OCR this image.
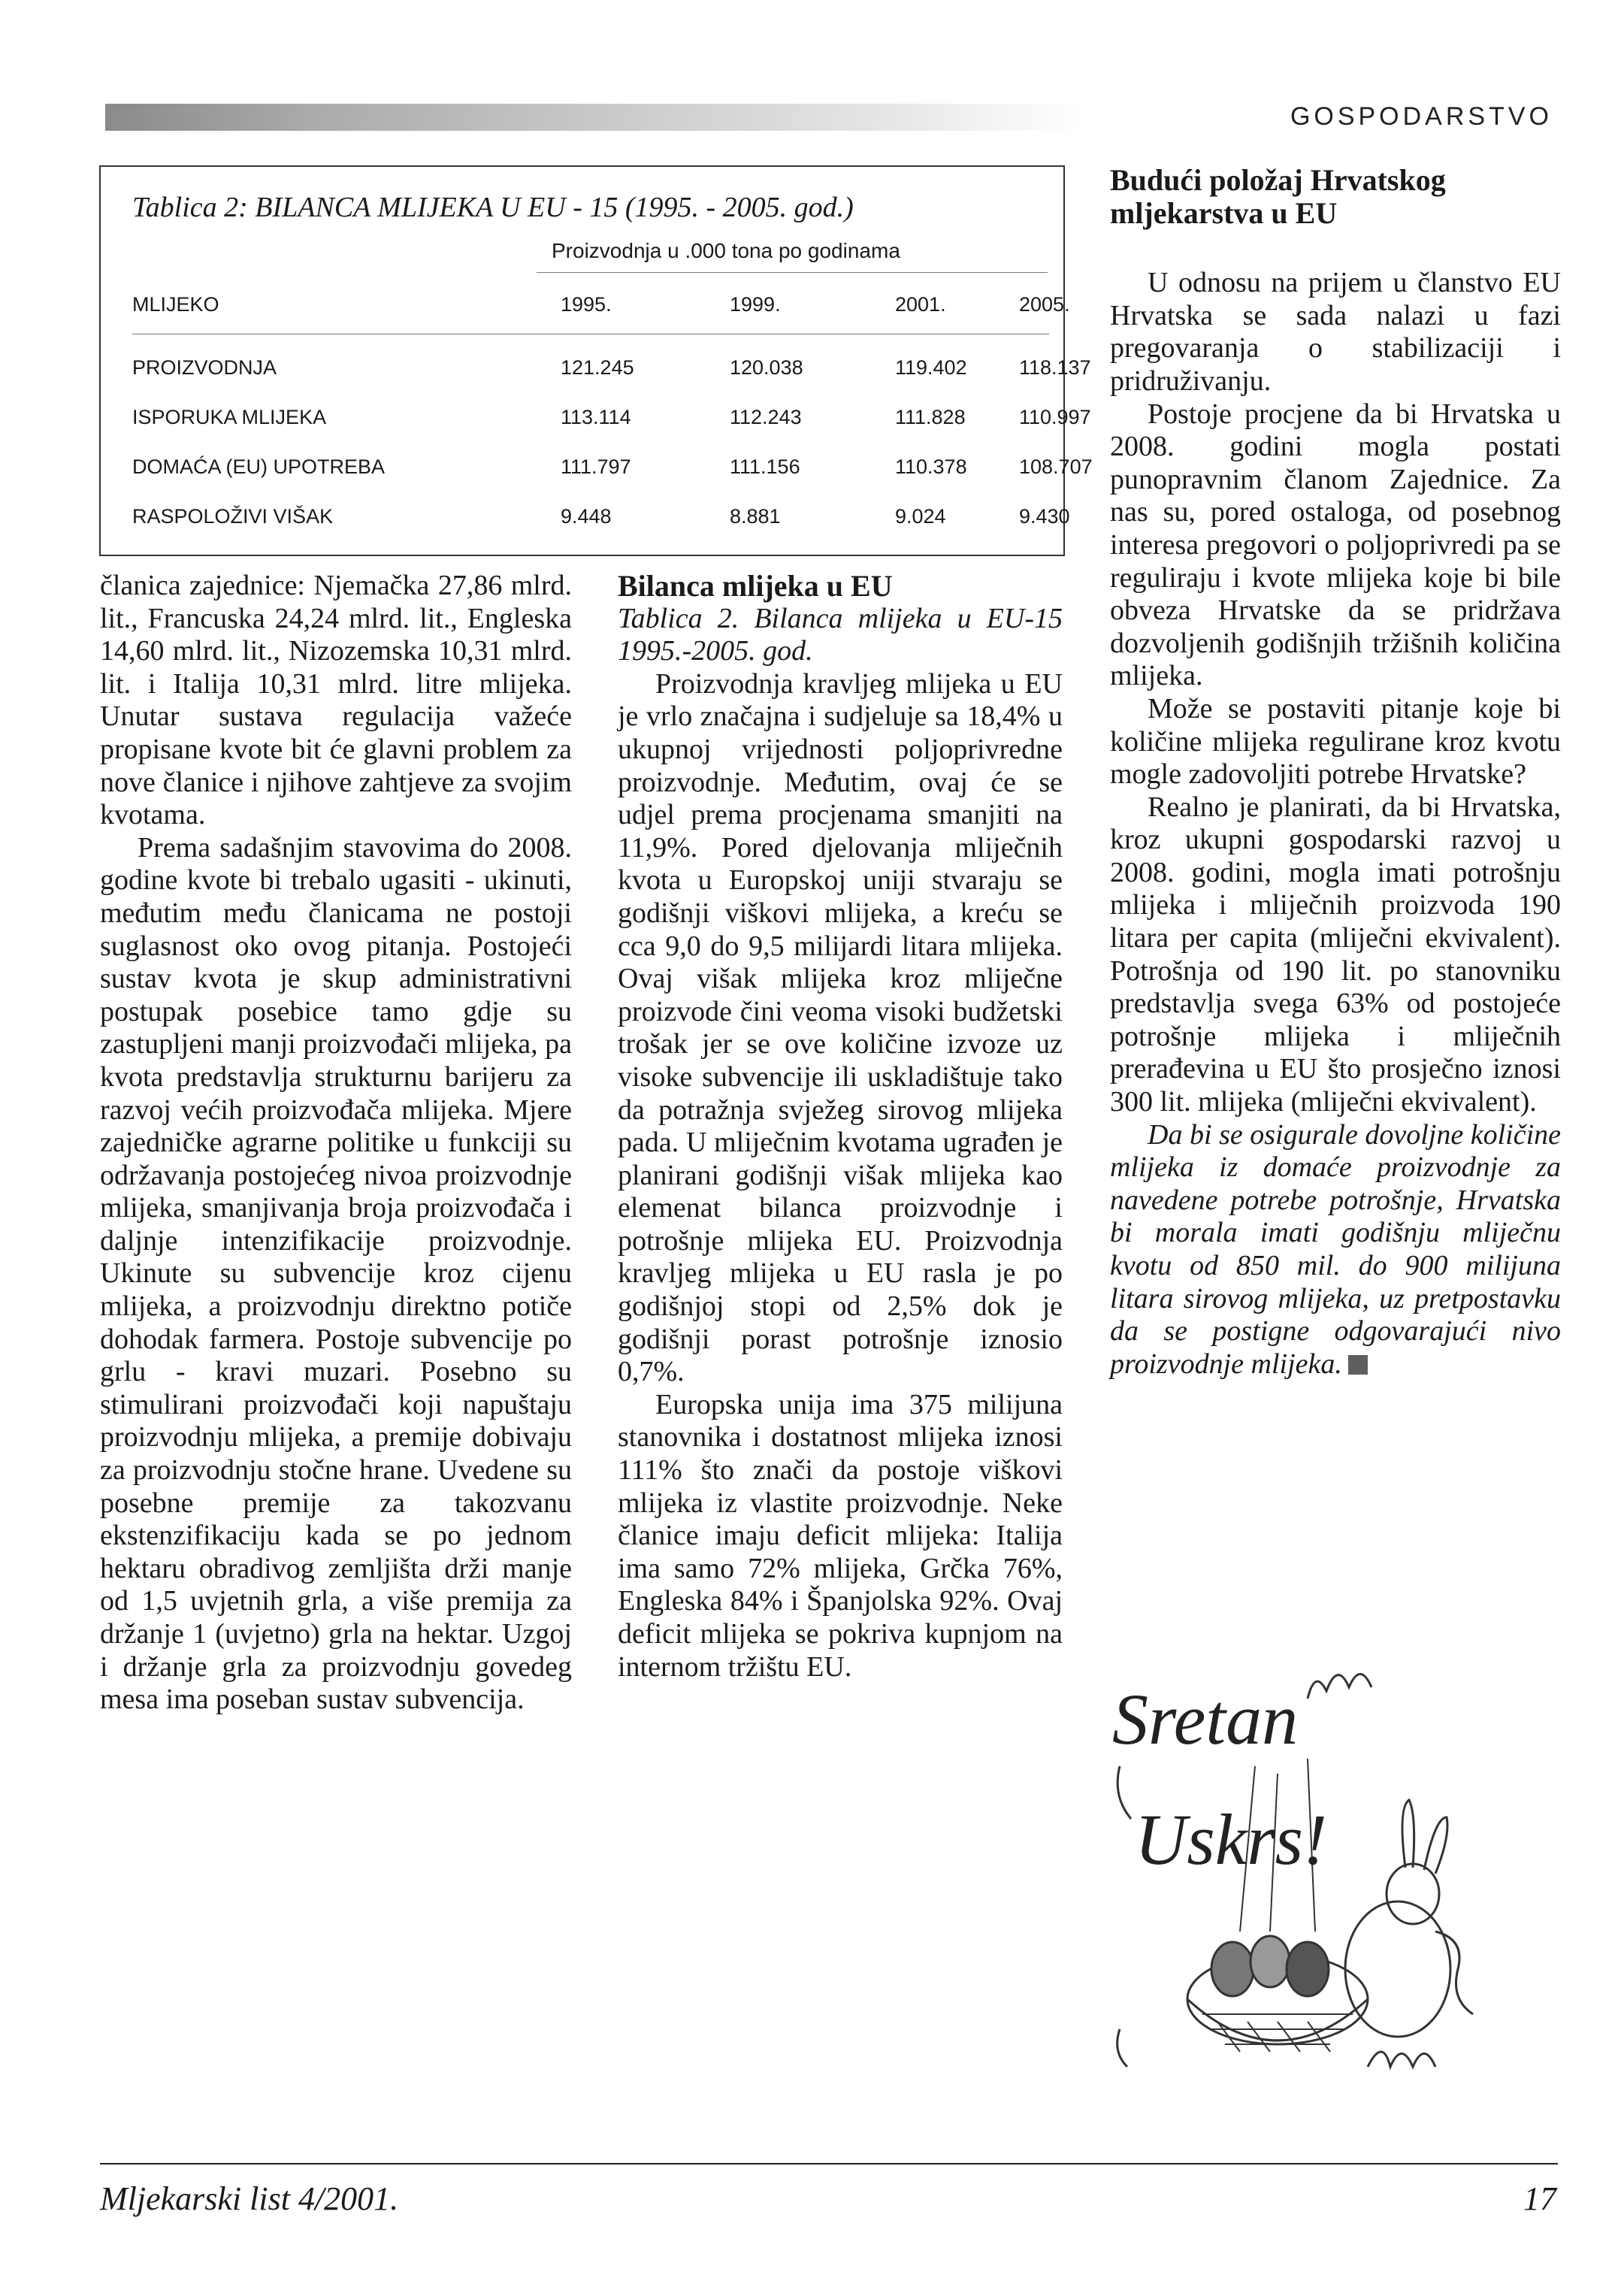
GOSPODARSTVO
Tablica 2: BILANCA MLIJEKA U EU - 15 (1995. - 2005. god.)
Proizvodnja u .000 tona po godinama
MLIJEKO	1995.	1999.	2001.	2005.
PROIZVODNJA	121.245	120.038	119.402	118.137
ISPORUKA MLIJEKA	113.114	112.243	111.828	110.997
DOMAĆA (EU) UPOTREBA	111.797	111.156	110.378	108.707
RASPOLOŽIVI VIŠAK	9.448	8.881	9.024	9.430

članica zajednice: Njemačka 27,86 mlrd. lit., Francuska 24,24 mlrd. lit., Engleska 14,60 mlrd. lit., Nizozemska 10,31 mlrd. lit. i Italija 10,31 mlrd. litre mlijeka. Unutar sustava regulacija važeće propisane kvote bit će glavni problem za nove članice i njihove zahtjeve za svojim kvotama.

Prema sadašnjim stavovima do 2008. godine kvote bi trebalo ugasiti - ukinuti, međutim među članicama ne postoji suglasnost oko ovog pitanja. Postojeći sustav kvota je skup administrativni postupak posebice tamo gdje su zastupljeni manji proizvođači mlijeka, pa kvota predstavlja strukturnu barijeru za razvoj većih proizvođača mlijeka. Mjere zajedničke agrarne politike u funkciji su održavanja postojećeg nivoa proizvodnje mlijeka, smanjivanja broja proizvođača i daljnje intenzifikacije proizvodnje. Ukinute su subvencije kroz cijenu mlijeka, a proizvodnju direktno potiče dohodak farmera. Postoje subvencije po grlu - kravi muzari. Posebno su stimulirani proizvođači koji napuštaju proizvodnju mlijeka, a premije dobivaju za proizvodnju stočne hrane. Uvedene su posebne premije za takozvanu ekstenzifikaciju kada se po jednom hektaru obradivog zemljišta drži manje od 1,5 uvjetnih grla, a više premija za držanje 1 (uvjetno) grla na hektar. Uzgoj i držanje grla za proizvodnju govedeg mesa ima poseban sustav subvencija.

Bilanca mlijeka u EU

Tablica 2. Bilanca mlijeka u EU-15 1995.-2005. god.

Proizvodnja kravljeg mlijeka u EU je vrlo značajna i sudjeluje sa 18,4% u ukupnoj vrijednosti poljoprivredne proizvodnje. Međutim, ovaj će se udjel prema procjenama smanjiti na 11,9%. Pored djelovanja mliječnih kvota u Europskoj uniji stvaraju se godišnji viškovi mlijeka, a kreću se cca 9,0 do 9,5 milijardi litara mlijeka. Ovaj višak mlijeka kroz mliječne proizvode čini veoma visoki budžetski trošak jer se ove količine izvoze uz visoke subvencije ili uskladištuje tako da potražnja svježeg sirovog mlijeka pada. U mliječnim kvotama ugrađen je planirani godišnji višak mlijeka kao elemenat bilanca proizvodnje i potrošnje mlijeka EU. Proizvodnja kravljeg mlijeka u EU rasla je po godišnjoj stopi od 2,5% dok je godišnji porast potrošnje iznosio 0,7%.

Europska unija ima 375 milijuna stanovnika i dostatnost mlijeka iznosi 111% što znači da postoje viškovi mlijeka iz vlastite proizvodnje. Neke članice imaju deficit mlijeka: Italija ima samo 72% mlijeka, Grčka 76%, Engleska 84% i Španjolska 92%. Ovaj deficit mlijeka se pokriva kupnjom na internom tržištu EU.

Budući položaj Hrvatskog mljekarstva u EU

U odnosu na prijem u članstvo EU Hrvatska se sada nalazi u fazi pregovaranja o stabilizaciji i pridruživanju.

Postoje procjene da bi Hrvatska u 2008. godini mogla postati punopravnim članom Zajednice. Za nas su, pored ostaloga, od posebnog interesa pregovori o poljoprivredi pa se reguliraju i kvote mlijeka koje bi bile obveza Hrvatske da se pridržava dozvoljenih godišnjih tržišnih količina mlijeka.

Može se postaviti pitanje koje bi količine mlijeka regulirane kroz kvotu mogle zadovoljiti potrebe Hrvatske?

Realno je planirati, da bi Hrvatska, kroz ukupni gospodarski razvoj u 2008. godini, mogla imati potrošnju mlijeka i mliječnih proizvoda 190 litara per capita (mliječni ekvivalent). Potrošnja od 190 lit. po stanovniku predstavlja svega 63% od postojeće potrošnje mlijeka i mliječnih prerađevina u EU što prosječno iznosi 300 lit. mlijeka (mliječni ekvivalent).

Da bi se osigurale dovoljne količine mlijeka iz domaće proizvodnje za navedene potrebe potrošnje, Hrvatska bi morala imati godišnju mliječnu kvotu od 850 mil. do 900 milijuna litara sirovog mlijeka, uz pretpostavku da se postigne odgovarajući nivo proizvodnje mlijeka.

Sretan
Uskrs!
Mljekarski list 4/2001.	17
